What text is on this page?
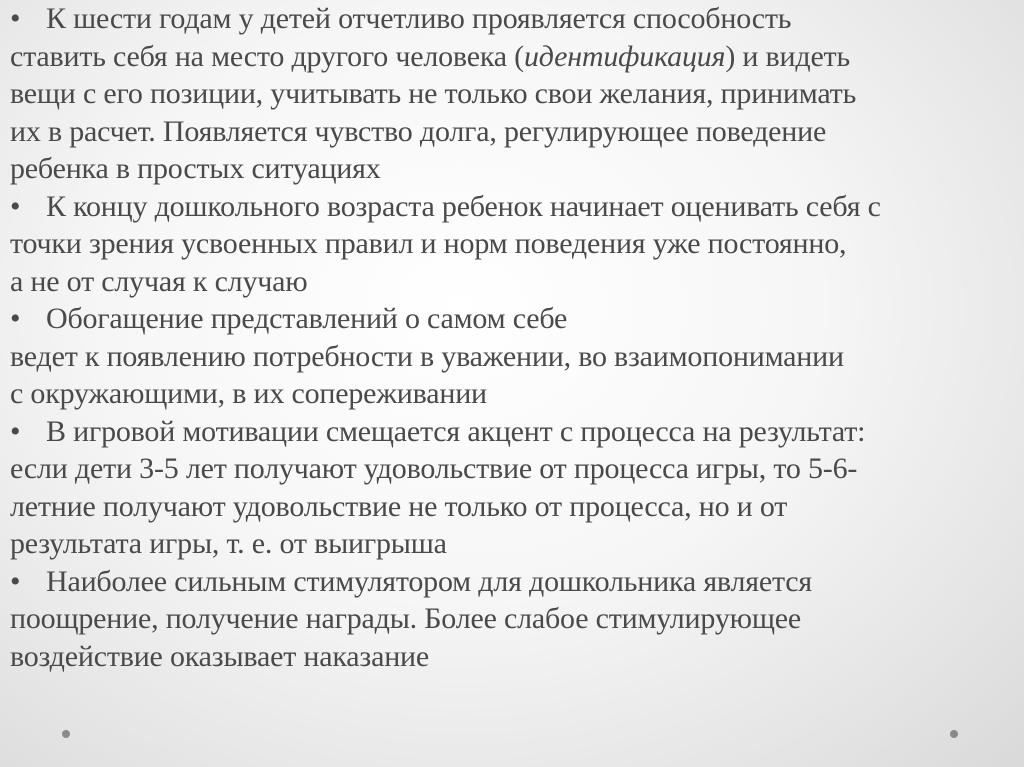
• К шести годам у детей отчетливо проявляется способность
ставить себя на место другого человека (идентификация) и видеть
вещи с его позиции, учитывать не только свои желания, принимать
их в расчет. Появляется чувство долга, регулирующее поведение
ребенка в простых ситуациях
• К концу дошкольного возраста ребенок начинает оценивать себя с
точки зрения усвоенных правил и норм поведения уже постоянно,
а не от случая к случаю
• Обогащение представлений о самом себе
ведет к появлению потребности в уважении, во взаимопонимании
с окружающими, в их сопереживании
• В игровой мотивации смещается акцент с процесса на результат:
если дети 3-5 лет получают удовольствие от процесса игры, то 5-6-
летние получают удовольствие не только от процесса, но и от
результата игры, т. е. от выигрыша
• Наиболее сильным стимулятором для дошкольника является
поощрение, получение награды. Более слабое стимулирующее
воздействие оказывает наказание
